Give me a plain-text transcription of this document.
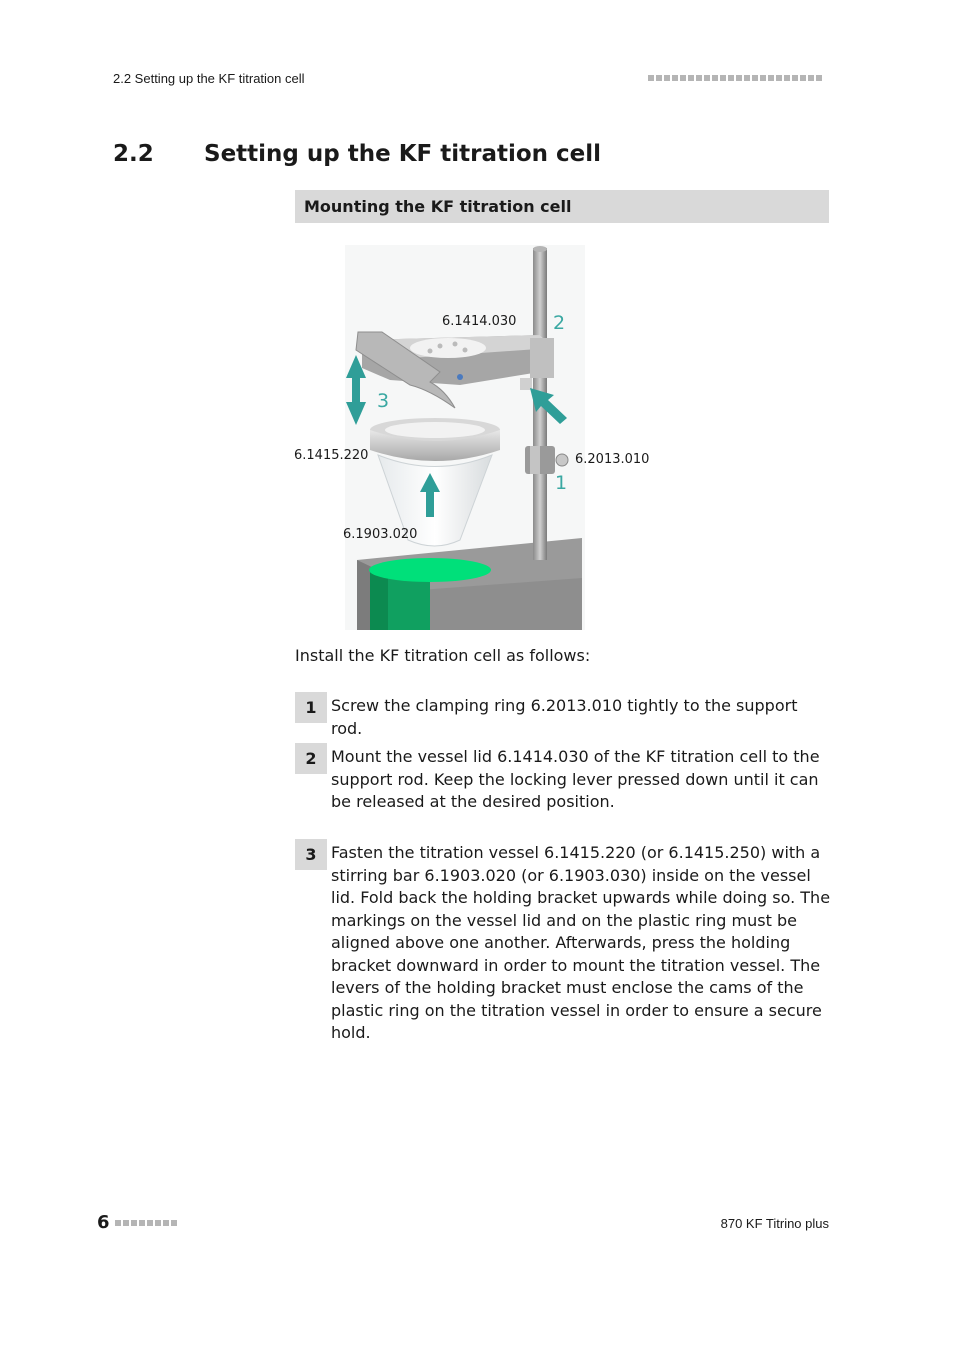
2.2 Setting up the KF titration cell
2.2 Setting up the KF titration cell
Mounting the KF titration cell
6.1414.030
6.1415.220	6.2013.010
6.1903.020
1
2
3
Install the KF titration cell as follows:
1 Screw the clamping ring 6.2013.010 tightly to the support rod.
2 Mount the vessel lid 6.1414.030 of the KF titration cell to the support rod. Keep the locking lever pressed down until it can be released at the desired position.
3 Fasten the titration vessel 6.1415.220 (or 6.1415.250) with a stirring bar 6.1903.020 (or 6.1903.030) inside on the vessel lid. Fold back the holding bracket upwards while doing so. The markings on the vessel lid and on the plastic ring must be aligned above one another. Afterwards, press the holding bracket downward in order to mount the titration vessel. The levers of the holding bracket must enclose the cams of the plastic ring on the titration vessel in order to ensure a secure hold.
6	870 KF Titrino plus
